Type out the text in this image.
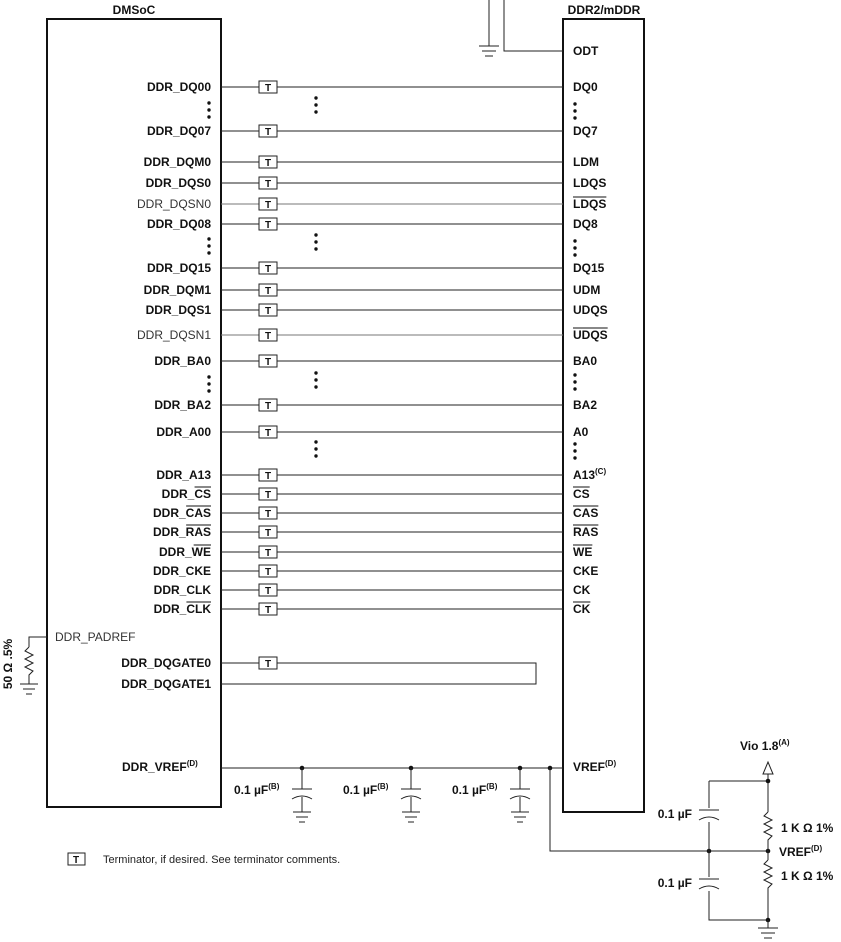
DMSoC	DDR2/mDDR
ODT
T
T
T
T
T
T
T
T
T
T
T
T
T
T
T
T
T
T
T
T
T
DDR_DQ00
DDR_DQ07
DDR_DQM0
DDR_DQS0
DDR_DQSN0
DDR_DQ08
DDR_DQ15
DDR_DQM1
DDR_DQS1
DDR_DQSN1
DDR_BA0
DDR_BA2
DDR_A00
DDR_A13
DDR_CS
DDR_CAS
DDR_RAS
DDR_WE
DDR_CKE
DDR_CLK
DDR_CLK
DQ0
DQ7
LDM
LDQS
LDQS
DQ8
DQ15
UDM
UDQS
UDQS
BA0
BA2
A0
$A13^{(C)}$
CS
CAS
RAS
WE
CKE
CK
CK
T
DDR_DQGATE0
DDR_DQGATE1
DDR_PADREF
50 Ω .5%
$DDR\_VREF^{(D)}$	$VREF^{(D)}$
0.1 µF$^{(B)}$	0.1 µF$^{(B)}$	0.1 µF$^{(B)}$
Vio $1.8^{(A)}$
1 K Ω 1%
1 K Ω 1%
$VREF^{(D)}$
0.1 µF
0.1 µF
T Terminator, if desired. See terminator comments.
